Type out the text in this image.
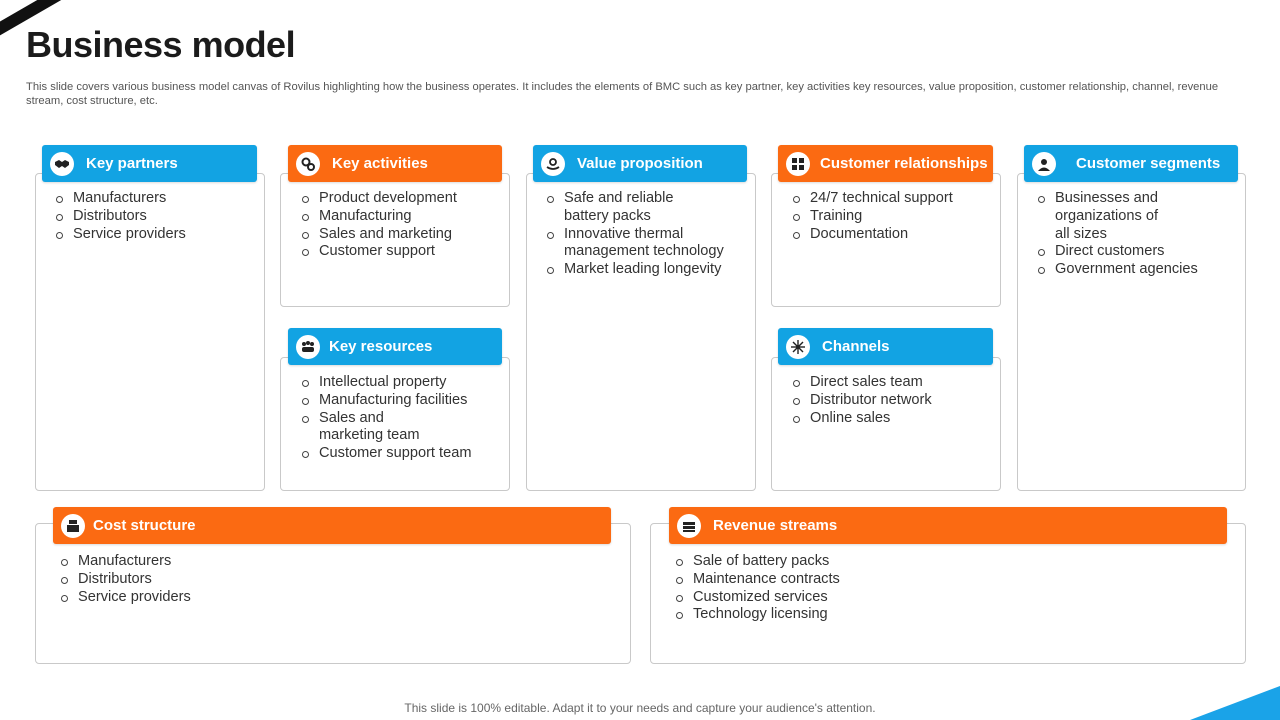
Business model
This slide covers various business model canvas of Rovilus highlighting how the business operates. It includes the elements of BMC such as key partner, key activities key resources, value proposition, customer relationship, channel, revenue stream, cost structure, etc.
Key partners
Manufacturers
Distributors
Service providers
Key activities
Product development
Manufacturing
Sales and marketing
Customer support
Key resources
Intellectual property
Manufacturing facilities
Sales and
marketing team
Customer support team
Value proposition
Safe and reliable
battery packs
Innovative thermal
management technology
Market leading longevity
Customer relationships
24/7 technical support
Training
Documentation
Channels
Direct sales team
Distributor network
Online sales
Customer segments
Businesses and
organizations of
all sizes
Direct customers
Government agencies
Cost structure
Manufacturers
Distributors
Service providers
Revenue streams
Sale of battery packs
Maintenance contracts
Customized services
Technology licensing
This slide is 100% editable. Adapt it to your needs and capture your audience's attention.
